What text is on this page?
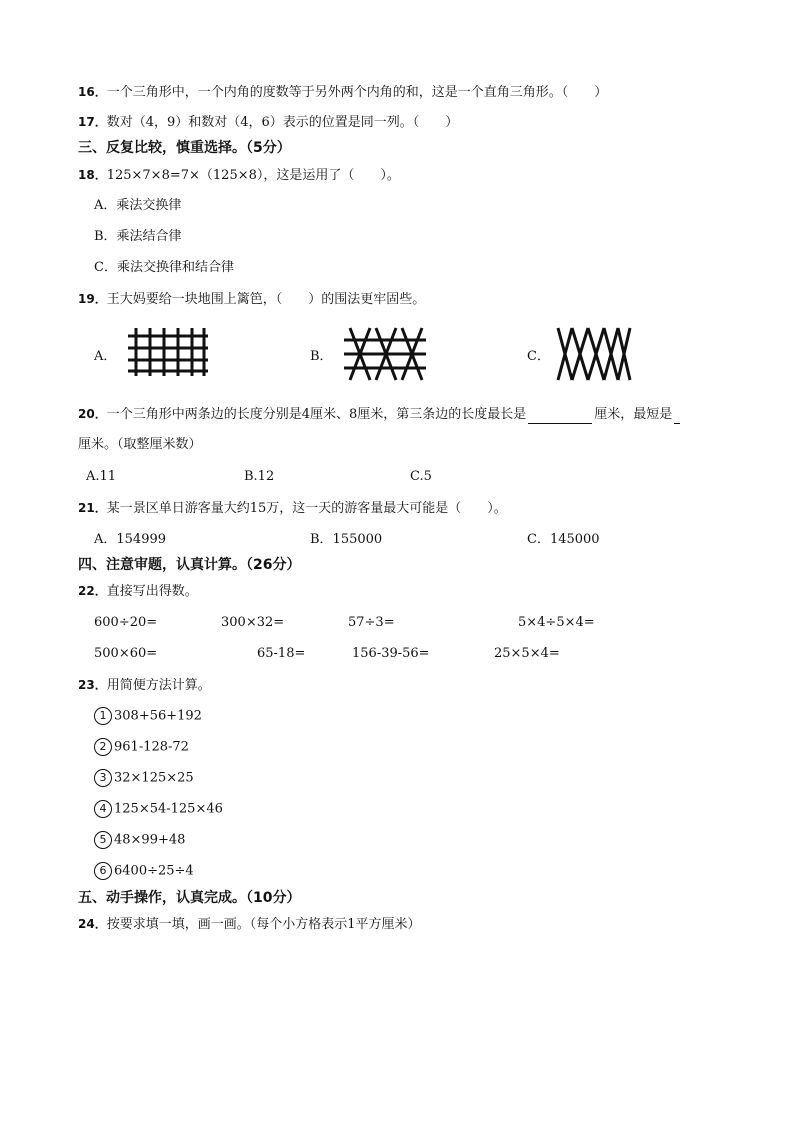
16．一个三角形中，一个内角的度数等于另外两个内角的和，这是一个直角三角形。（　　）
17．数对（4，9）和数对（4，6）表示的位置是同一列。（　　）
三、反复比较，慎重选择。（5分）
18．125×7×8=7×（125×8），这是运用了（　　）。
A．乘法交换律
B．乘法结合律
C．乘法交换律和结合律
19．王大妈要给一块地围上篱笆，（　　）的围法更牢固些。
A．	B．	C．
20．一个三角形中两条边的长度分别是4厘米、8厘米，第三条边的长度最长是	厘米，最短是
厘米。（取整厘米数）
A.11	B.12	C.5
21．某一景区单日游客量大约15万，这一天的游客量最大可能是（　　）。
A．154999	B．155000	C．145000
四、注意审题，认真计算。（26分）
22．直接写出得数。
600÷20=	300×32=	57÷3=	5×4÷5×4=
500×60=	65-18=	156-39-56=	25×5×4=
23．用简便方法计算。
1 308+56+192
2 961-128-72
3 32×125×25
4 125×54-125×46
5 48×99+48
6 6400÷25÷4
五、动手操作，认真完成。（10分）
24．按要求填一填，画一画。（每个小方格表示1平方厘米）
